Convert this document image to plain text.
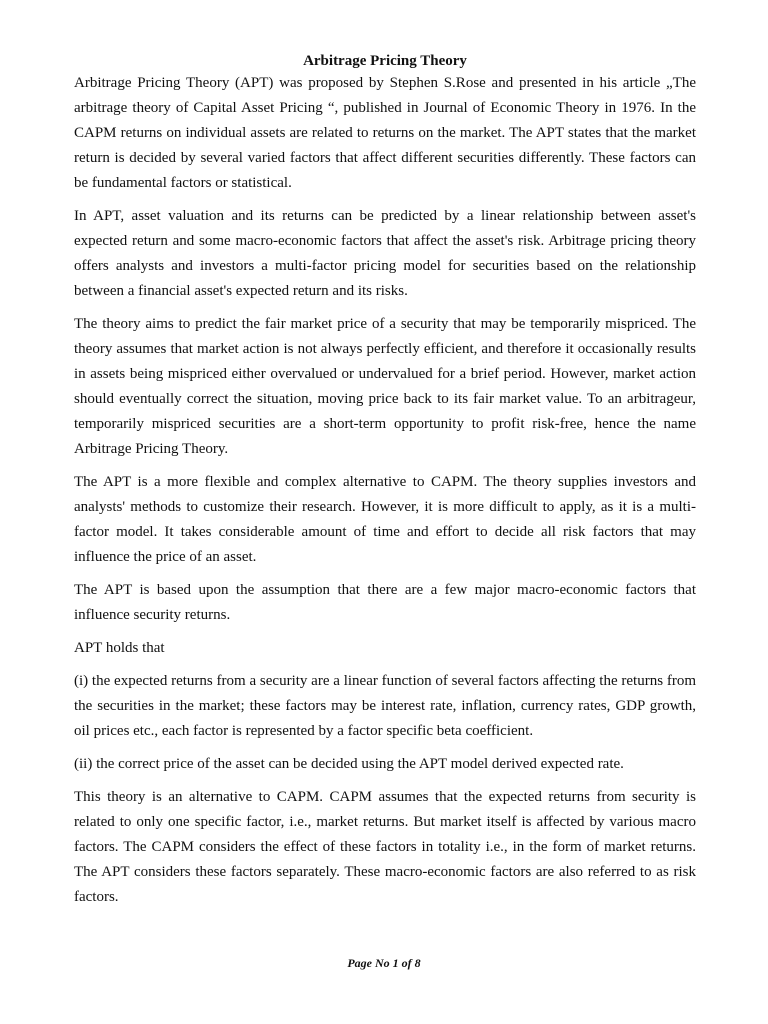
Arbitrage Pricing Theory

Arbitrage Pricing Theory (APT) was proposed by Stephen S.Rose and presented in his article „The arbitrage theory of Capital Asset Pricing “, published in Journal of Economic Theory in 1976. In the CAPM returns on individual assets are related to returns on the market. The APT states that the market return is decided by several varied factors that affect different securities differently. These factors can be fundamental factors or statistical.

In APT, asset valuation and its returns can be predicted by a linear relationship between asset's expected return and some macro-economic factors that affect the asset's risk. Arbitrage pricing theory offers analysts and investors a multi-factor pricing model for securities based on the relationship between a financial asset's expected return and its risks.

The theory aims to predict the fair market price of a security that may be temporarily mispriced. The theory assumes that market action is not always perfectly efficient, and therefore it occasionally results in assets being mispriced either overvalued or undervalued for a brief period. However, market action should eventually correct the situation, moving price back to its fair market value. To an arbitrageur, temporarily mispriced securities are a short-term opportunity to profit risk-free, hence the name Arbitrage Pricing Theory.

The APT is a more flexible and complex alternative to CAPM. The theory supplies investors and analysts' methods to customize their research. However, it is more difficult to apply, as it is a multi-factor model. It takes considerable amount of time and effort to decide all risk factors that may influence the price of an asset.

The APT is based upon the assumption that there are a few major macro-economic factors that influence security returns.

APT holds that

(i) the expected returns from a security are a linear function of several factors affecting the returns from the securities in the market; these factors may be interest rate, inflation, currency rates, GDP growth, oil prices etc., each factor is represented by a factor specific beta coefficient.

(ii) the correct price of the asset can be decided using the APT model derived expected rate.

This theory is an alternative to CAPM. CAPM assumes that the expected returns from security is related to only one specific factor, i.e., market returns. But market itself is affected by various macro factors. The CAPM considers the effect of these factors in totality i.e., in the form of market returns. The APT considers these factors separately. These macro-economic factors are also referred to as risk factors.

Page No 1 of 8
